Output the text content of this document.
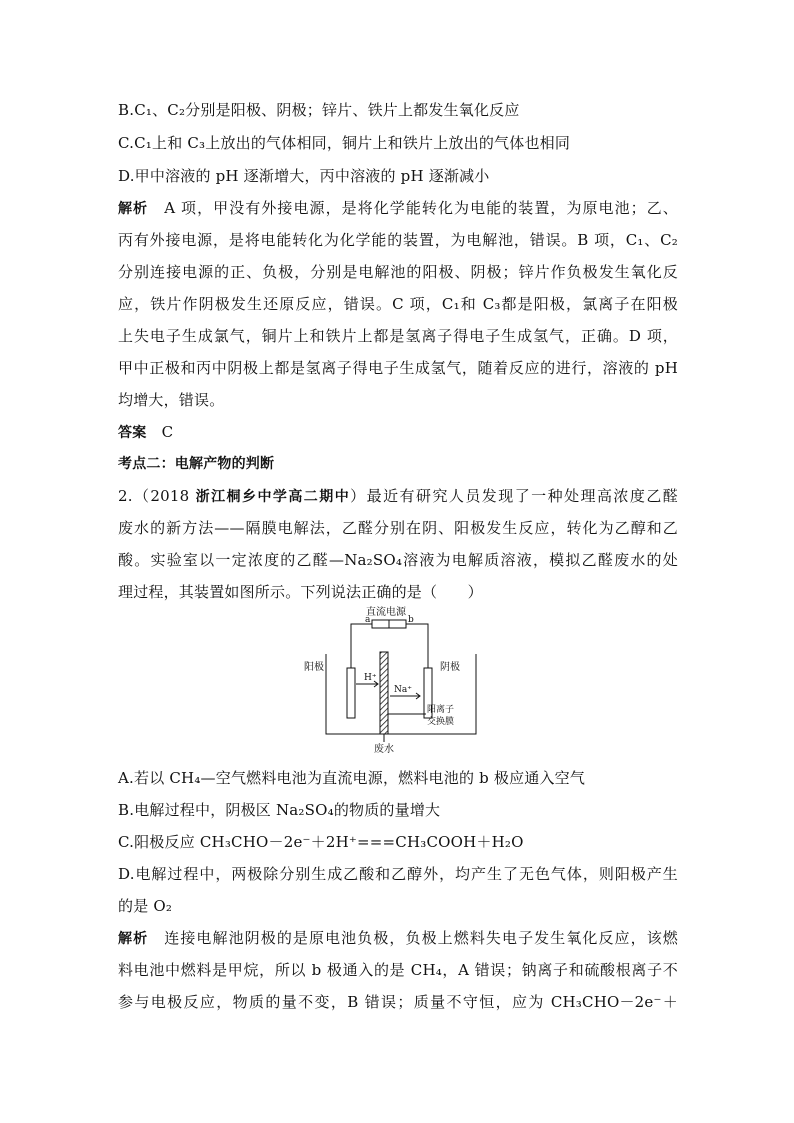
B.C₁、C₂分别是阳极、阴极；锌片、铁片上都发生氧化反应
C.C₁上和 C₃上放出的气体相同，铜片上和铁片上放出的气体也相同
D.甲中溶液的 pH 逐渐增大，丙中溶液的 pH 逐渐减小
解析　 A 项，甲没有外接电源，是将化学能转化为电能的装置，为原电池；乙、
丙有外接电源，是将电能转化为化学能的装置，为电解池，错误。B 项，C₁、C₂
分别连接电源的正、负极，分别是电解池的阳极、阴极；锌片作负极发生氧化反
应，铁片作阴极发生还原反应，错误。C 项，C₁和 C₃都是阳极，氯离子在阳极
上失电子生成氯气，铜片上和铁片上都是氢离子得电子生成氢气，正确。D 项，
甲中正极和丙中阴极上都是氢离子得电子生成氢气，随着反应的进行，溶液的 pH
均增大，错误。
答案　 C
考点二：电解产物的判断
2.（2018 浙江桐乡中学高二期中）最近有研究人员发现了一种处理高浓度乙醛
废水的新方法——隔膜电解法，乙醛分别在阴、阳极发生反应，转化为乙醇和乙
酸。实验室以一定浓度的乙醛—Na₂SO₄溶液为电解质溶液，模拟乙醛废水的处
理过程，其装置如图所示。下列说法正确的是（　　）
直流电源
a	b
阳极	阴极
H⁺
Na⁺
阳离子
交换膜
废水
A.若以 CH₄—空气燃料电池为直流电源，燃料电池的 b 极应通入空气
B.电解过程中，阴极区 Na₂SO₄的物质的量增大
C.阳极反应 CH₃CHO－2e⁻＋2H⁺===CH₃COOH＋H₂O
D.电解过程中，两极除分别生成乙酸和乙醇外，均产生了无色气体，则阳极产生
的是 O₂
解析　 连接电解池阴极的是原电池负极，负极上燃料失电子发生氧化反应，该燃
料电池中燃料是甲烷，所以 b 极通入的是 CH₄，A 错误；钠离子和硫酸根离子不
参与电极反应，物质的量不变，B 错误；质量不守恒，应为 CH₃CHO－2e⁻＋
